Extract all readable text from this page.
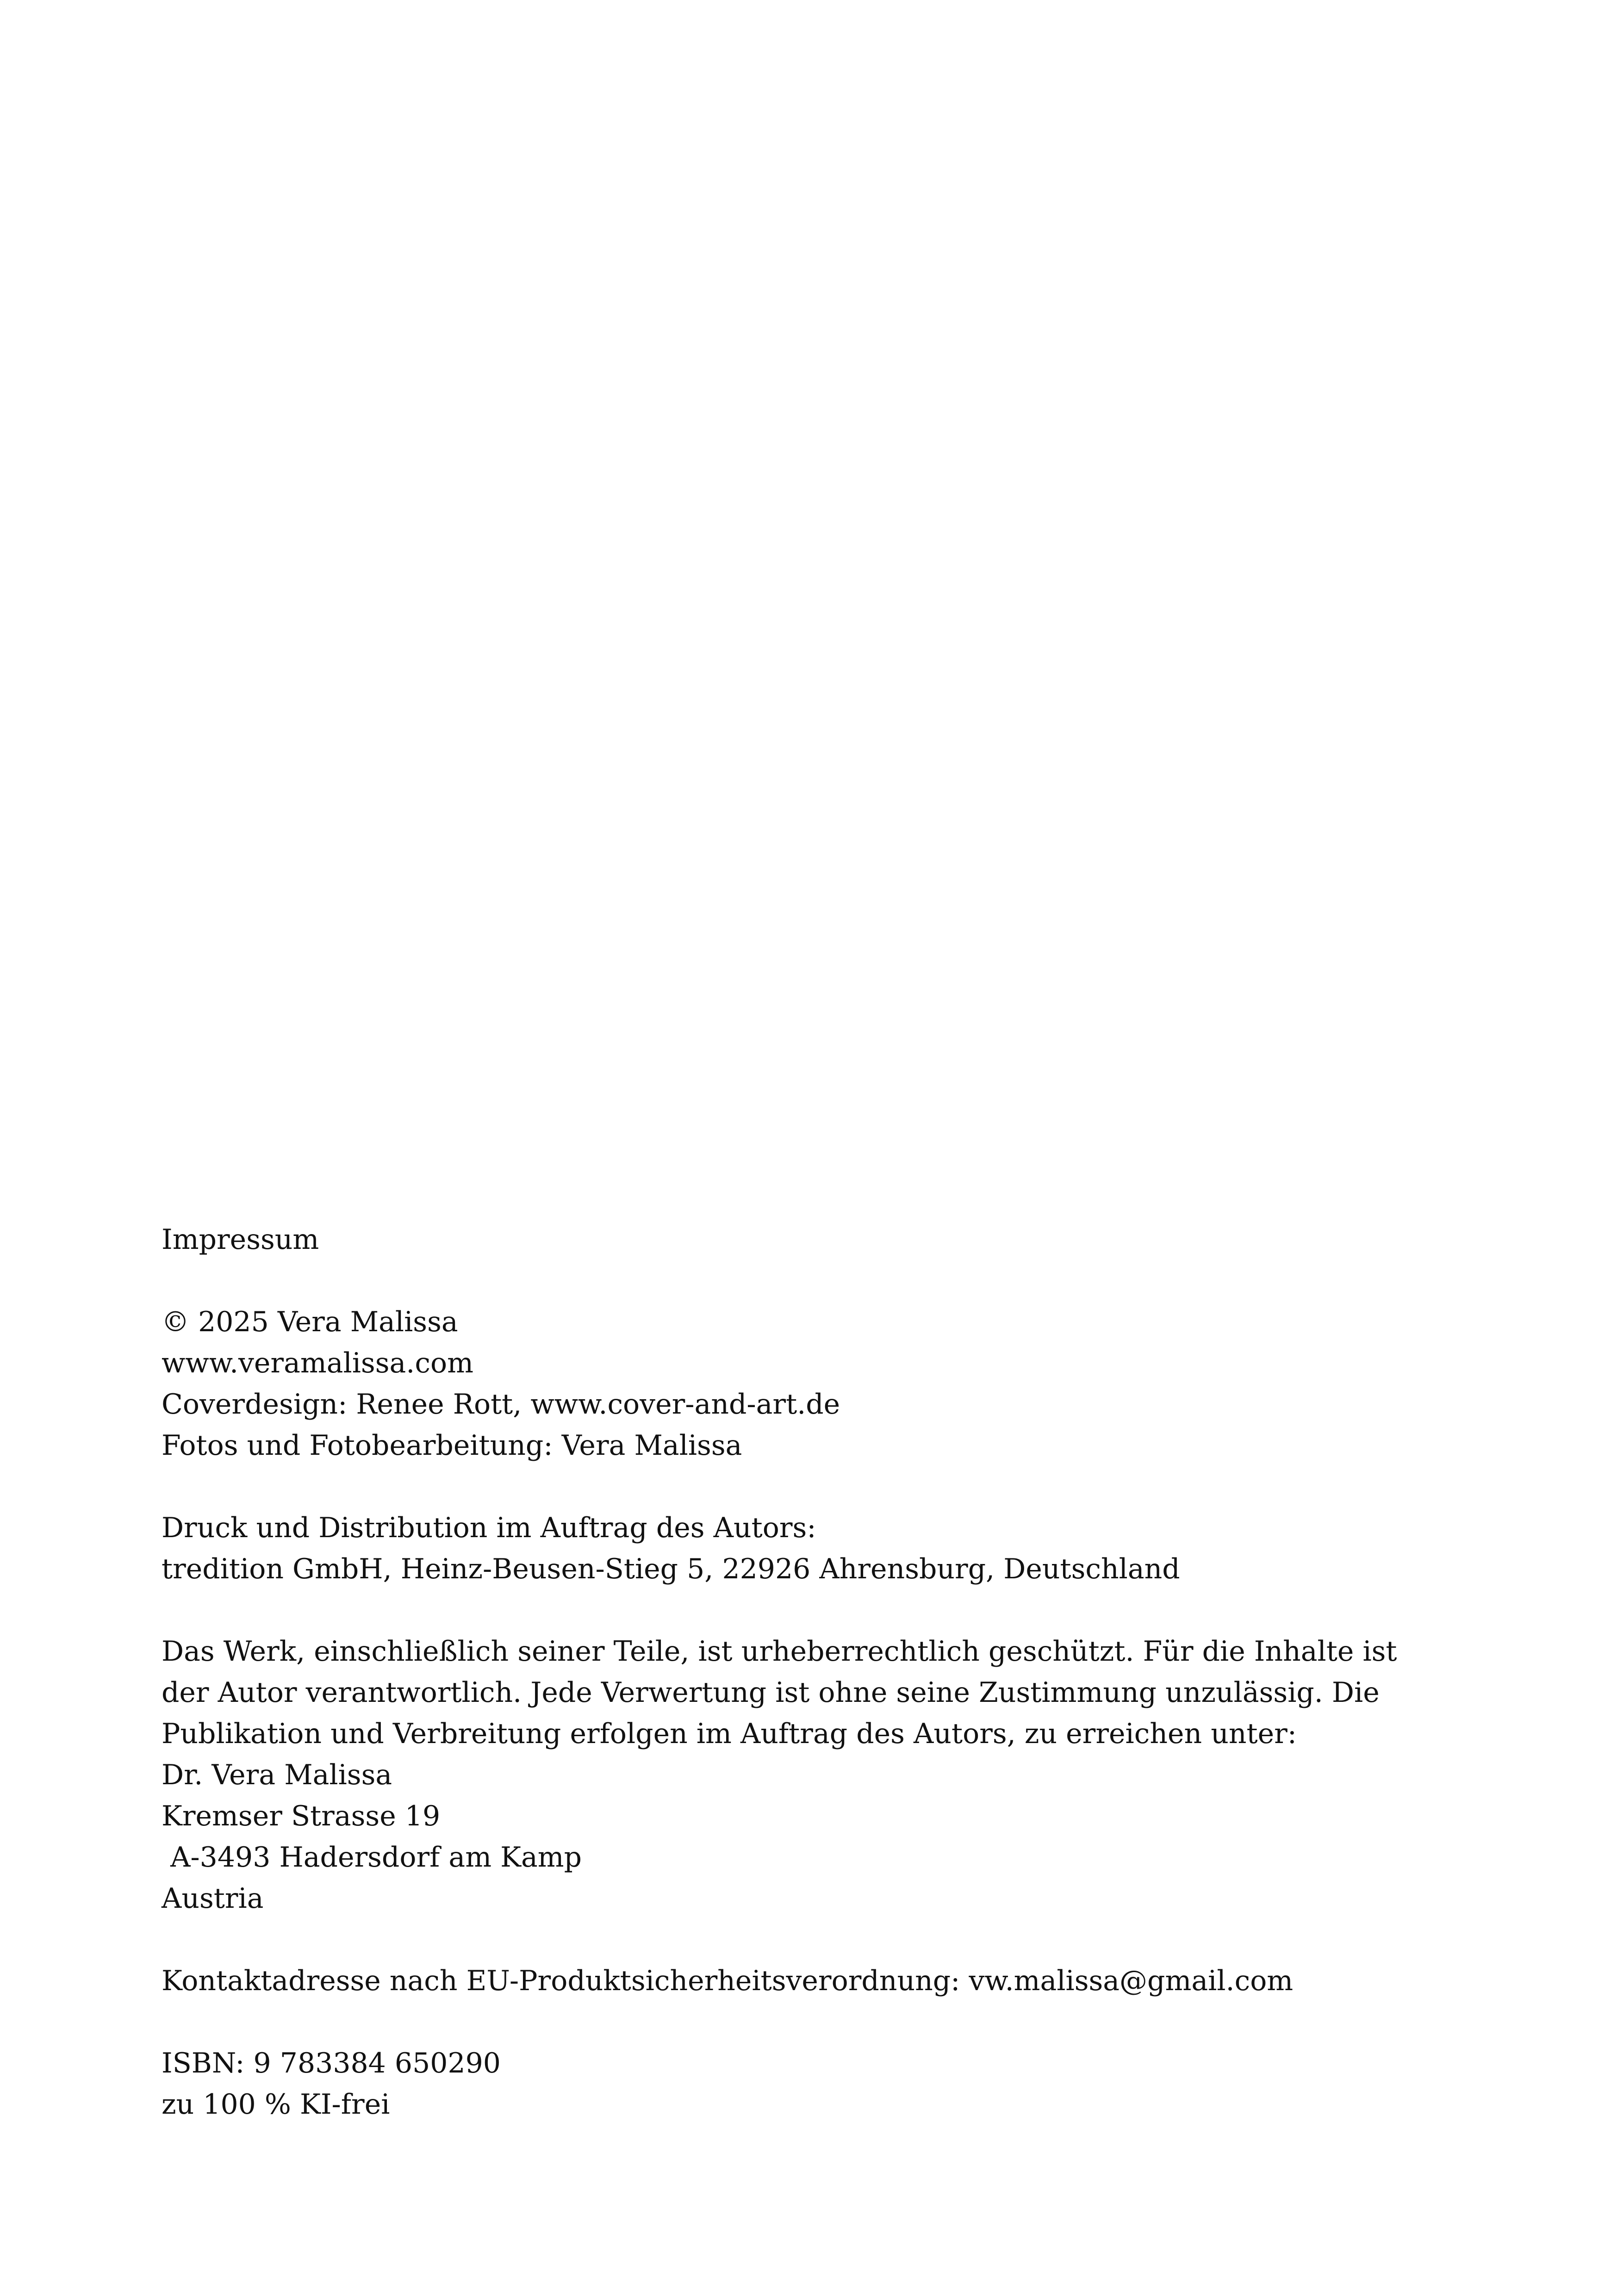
Impressum
© 2025 Vera Malissa
www.veramalissa.com
Coverdesign: Renee Rott, www.cover-and-art.de
Fotos und Fotobearbeitung: Vera Malissa
Druck und Distribution im Auftrag des Autors:
tredition GmbH, Heinz-Beusen-Stieg 5, 22926 Ahrensburg, Deutschland
Das Werk, einschließlich seiner Teile, ist urheberrechtlich geschützt. Für die Inhalte ist
der Autor verantwortlich. Jede Verwertung ist ohne seine Zustimmung unzulässig. Die
Publikation und Verbreitung erfolgen im Auftrag des Autors, zu erreichen unter:
Dr. Vera Malissa
Kremser Strasse 19
A-3493 Hadersdorf am Kamp
Austria
Kontaktadresse nach EU-Produktsicherheitsverordnung: vw.malissa@gmail.com
ISBN: 9 783384 650290
zu 100 % KI-frei
